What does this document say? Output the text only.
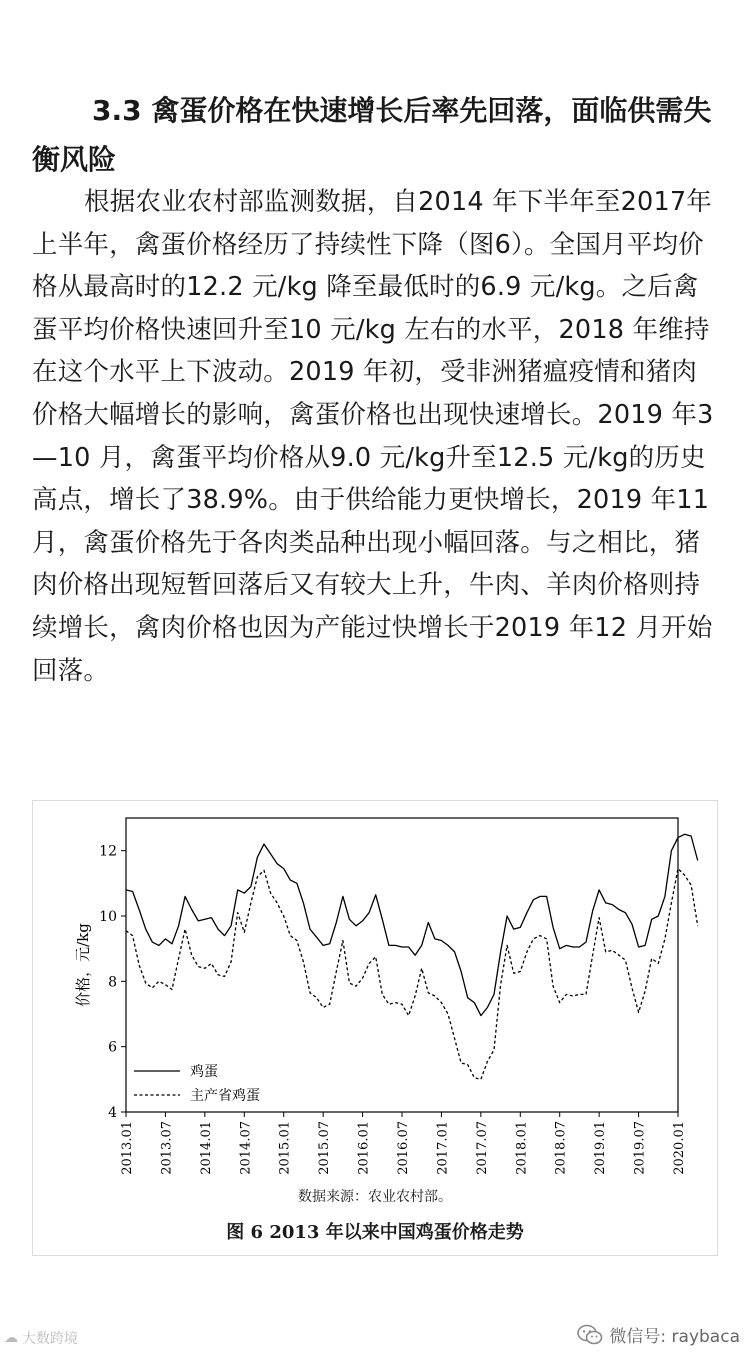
3.3 禽蛋价格在快速增长后率先回落，面临供需失衡风险

根据农业农村部监测数据，自2014 年下半年至2017年上半年，禽蛋价格经历了持续性下降（图6）。全国月平均价格从最高时的12.2 元/kg 降至最低时的6.9 元/kg。之后禽蛋平均价格快速回升至10 元/kg 左右的水平，2018 年维持在这个水平上下波动。2019 年初，受非洲猪瘟疫情和猪肉价格大幅增长的影响，禽蛋价格也出现快速增长。2019 年3—10 月，禽蛋平均价格从9.0 元/kg升至12.5 元/kg的历史高点，增长了38.9%。由于供给能力更快增长，2019 年11 月，禽蛋价格先于各肉类品种出现小幅回落。与之相比，猪肉价格出现短暂回落后又有较大上升，牛肉、羊肉价格则持续增长，禽肉价格也因为产能过快增长于2019 年12 月开始回落。

4
6
8
10
12
2013.01 2013.07 2014.01 2014.07 2015.01 2015.07 2016.01 2016.07 2017.01 2017.07 2018.01 2018.07 2019.01 2019.07 2020.01
价格，元/kg
鸡蛋
主产省鸡蛋
数据来源：农业农村部。
图 6 2013 年以来中国鸡蛋价格走势
☁ 大数跨境	微信号: raybaca
